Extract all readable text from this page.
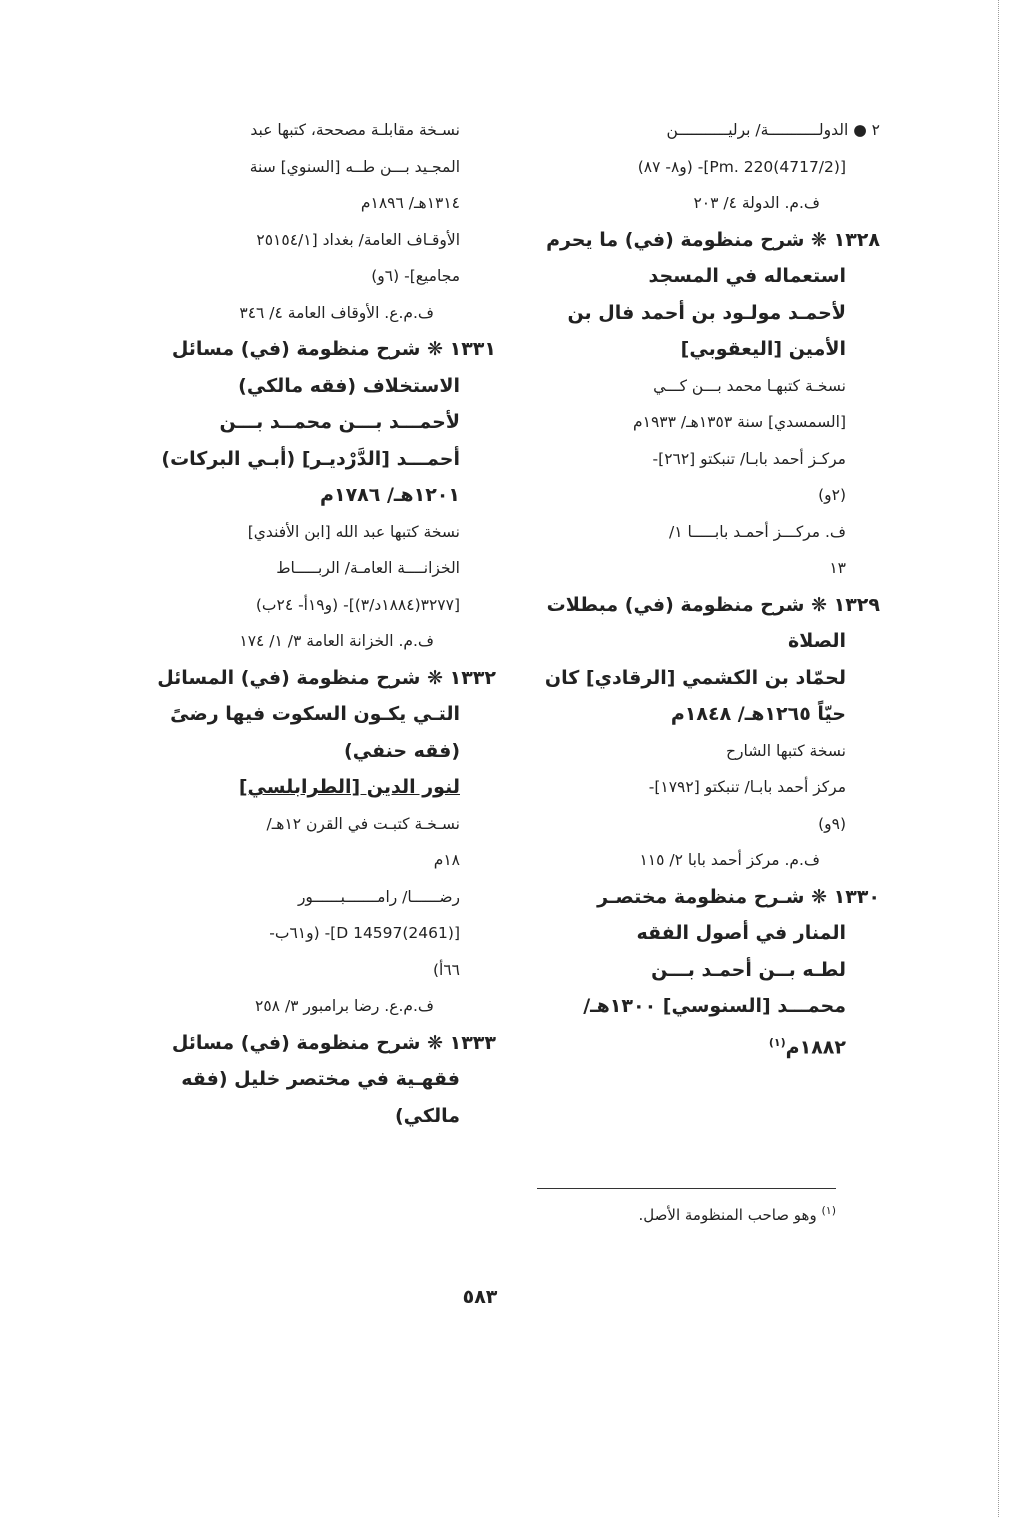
٢ ● الدولـــــــــــة/ برليـــــــــــن
[(4717/2)Pm. 220]- (و٨- ٨٧)
ف.م. الدولة ٤/ ٢٠٣
١٣٢٨ ❋ شرح منظومة (في) ما يحرم
استعماله في المسجد
لأحمـد مولـود بن أحمد فال بن
الأمين [اليعقوبي]
نسخـة كتبهـا محمد بـــن كـــي
[السمسدي] سنة ١٣٥٣هـ/ ١٩٣٣م
مركـز أحمد بابـا/ تنبكتو [٢٦٢]-
(٢و)
ف. مركـــز أحمـد بابـــــا ١/
١٣
١٣٢٩ ❋ شرح منظومة (في) مبطلات
الصلاة
لحمّاد بن الكشمي [الرقادي] كان
حيّاً ١٢٦٥هـ/ ١٨٤٨م
نسخة كتبها الشارح
مركز أحمد بابـا/ تنبكتو [١٧٩٢]-
(٩و)
ف.م. مركز أحمد بابا ٢/ ١١٥
١٣٣٠ ❋ شـرح منظومة مختصـر
المنار في أصول الفقه
لطـه بــن أحمـد بـــن
محمـــد [السنوسي] ١٣٠٠هـ/
١٨٨٢م$^{(١)}$
نسـخة مقابلـة مصححة، كتبها عبد
المجـيد بـــن طــه [السنوي] سنة
١٣١٤هـ/ ١٨٩٦م
الأوقـاف العامة/ بغداد [٢٥١٥٤/١
مجاميع]- (٦و)
ف.م.ع. الأوقاف العامة ٤/ ٣٤٦
١٣٣١ ❋ شرح منظومة (في) مسائل
الاستخلاف (فقه مالكي)
لأحمـــد بـــن محمــد بـــن
أحمـــد [الدَّرْديـر] (أبـي البركات)
١٢٠١هـ/ ١٧٨٦م
نسخة كتبها عبد الله [ابن الأفندي]
الخزانــــة العامـة/ الربـــــاط
[٣٢٧٧(١٨٨٤د/٣)]- (و١٩أ- ٢٤ب)
ف.م. الخزانة العامة ٣/ ١/ ١٧٤
١٣٣٢ ❋ شرح منظومة (في) المسائل
التـي يكـون السكوت فيها رضىً
(فقه حنفي)
لنور الدين [الطرابلسي]
نسـخـة كتبـت في القرن ١٢هـ/
١٨م
رضــــــا/ رامـــــــبــــــور
[D 14597(2461)]- (و٦١ب-
٦٦أ)
ف.م.ع. رضا برامبور ٣/ ٢٥٨
١٣٣٣ ❋ شرح منظومة (في) مسائل
فقهـية في مختصر خليل (فقه
مالكي)
$^{(١)}$ وهو صاحب المنظومة الأصل.
٥٨٣
